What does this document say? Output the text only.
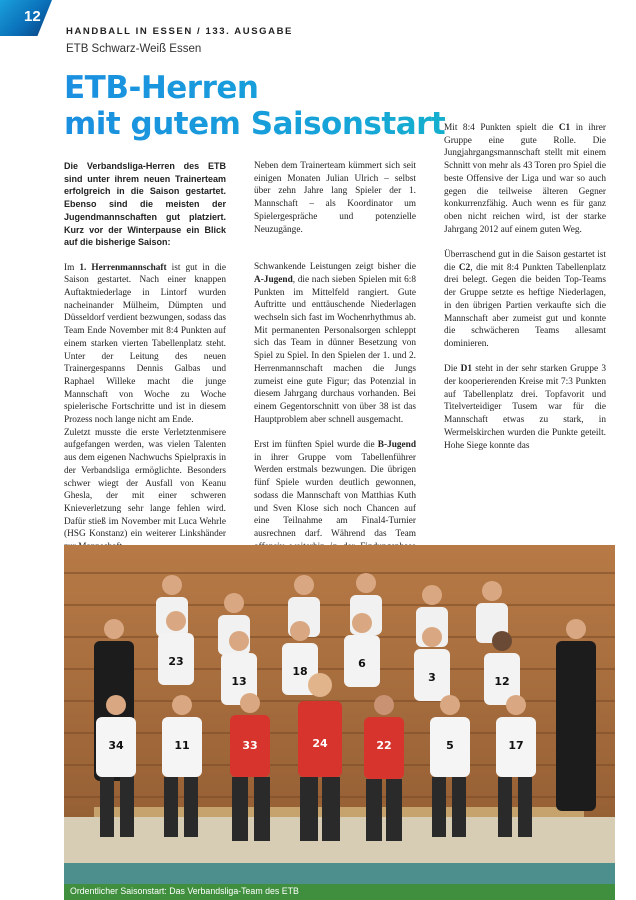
12
HANDBALL IN ESSEN / 133. AUSGABE
ETB Schwarz-Weiß Essen
ETB-Herren
mit gutem Saisonstart

Die Verbandsliga-Herren des ETB sind unter ihrem neuen Trainerteam erfolgreich in die Saison gestartet. Ebenso sind die meisten der Jugendmannschaften gut platziert. Kurz vor der Winterpause ein Blick auf die bisherige Saison:

Im 1. Herrenmannschaft ist gut in die Saison gestartet. Nach einer knappen Auftaktniederlage in Lintorf wurden nacheinander Mülheim, Dümpten und Düsseldorf verdient bezwungen, sodass das Team Ende November mit 8:4 Punkten auf einem starken vierten Tabellenplatz steht. Unter der Leitung des neuen Trainergespanns Dennis Galbas und Raphael Willeke macht die junge Mannschaft von Woche zu Woche spielerische Fortschritte und ist in diesem Prozess noch lange nicht am Ende.

Zuletzt musste die erste Verletztenmisere aufgefangen werden, was vielen Talenten aus dem eigenen Nachwuchs Spielpraxis in der Verbandsliga ermöglichte. Besonders schwer wiegt der Ausfall von Keanu Ghesla, der mit einer schweren Knieverletzung sehr lange fehlen wird. Dafür stieß im November mit Luca Wehrle (HSG Konstanz) ein weiterer Linkshänder

Neben dem Trainerteam kümmert sich seit einigen Monaten Julian Ulrich – selbst über zehn Jahre lang Spieler der 1. Mannschaft – als Koordinator um Spielergespräche und potenzielle Neuzugänge.

Schwankende Leistungen zeigt bisher die A-Jugend, die nach sieben Spielen mit 6:8 Punkten im Mittelfeld rangiert. Gute Auftritte und enttäuschende Niederlagen wechseln sich fast im Wochenrhythmus ab. Mit permanenten Personalsorgen schleppt sich das Team in dünner Besetzung von Spiel zu Spiel. In den Spielen der 1. und 2. Herrenmannschaft machen die Jungs zumeist eine gute Figur; das Potenzial in diesem Jahrgang durchaus vorhanden. Bei einem Gegentorschnitt von über 38 ist das Hauptproblem aber schnell ausgemacht.

Erst im fünften Spiel wurde die B-Jugend in ihrer Gruppe vom Tabellenführer Werden erstmals bezwungen. Die übrigen fünf Spiele wurden deutlich gewonnen, sodass die Mannschaft von Matthias Kuth und Sven Klose sich noch Chancen auf eine Teilnahme am Final4-Turnier ausrechnen darf. Während das Team

Mit 8:4 Punkten spielt die C1 in ihrer Gruppe eine gute Rolle. Die Jungjahrgangsmannschaft stellt mit einem Schnitt von mehr als 43 Toren pro Spiel die beste Offensive der Liga und war so auch gegen die teilweise älteren Gegner konkurrenzfähig. Auch wenn es für ganz oben nicht reichen wird, ist der starke Jahrgang 2012 auf einem guten Weg.

Überraschend gut in die Saison gestartet ist die C2, die mit 8:4 Punkten Tabellenplatz drei belegt. Gegen die beiden Top-Teams der Gruppe setzte es heftige Niederlagen, in den übrigen Partien verkaufte sich die Mannschaft aber zumeist gut und konnte die schwächeren Teams allesamt dominieren.

Die D1 steht in der sehr starken Gruppe 3 der kooperierenden Kreise mit 7:3 Punkten auf Tabellenplatz drei. Topfavorit und Titelverteidiger Tusem war für die Mannschaft etwas zu stark, in Wermelskirchen wurden die Punkte geteilt. Hohe Siege konnte das

34	11	33	24	22	5	17
23
13
18
6
3	12
Ordentlicher Saisonstart: Das Verbandsliga-Team des ETB
